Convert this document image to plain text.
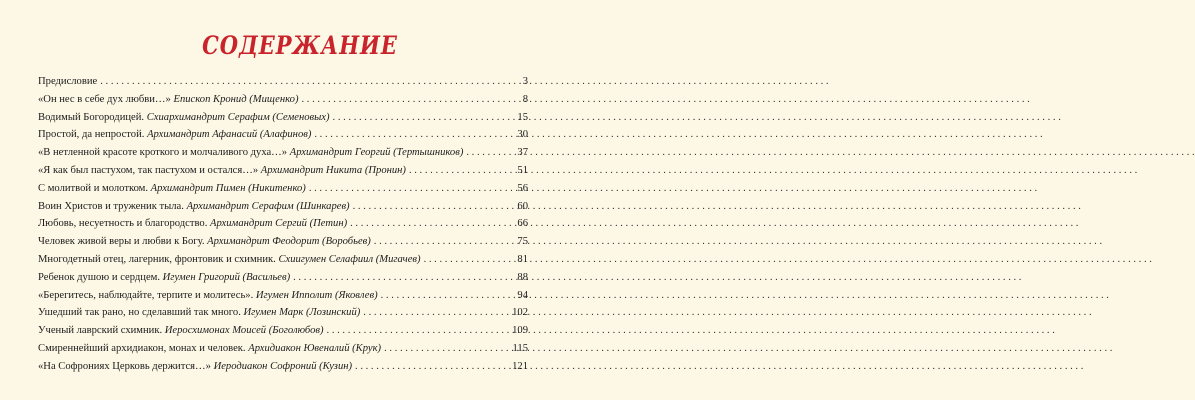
СОДЕРЖАНИЕ
Предисловие . . .	3
«Он нес в себе дух любви…» Епископ Кронид (Мищенко) . . .	8
Водимый Богородицей. Схиархимандрит Серафим (Семеновых) . . .	15
Простой, да непростой. Архимандрит Афанасий (Алафинов) . . .	30
«В нетленной красоте кроткого и молчаливого духа…» Архимандрит Георгий (Тертышников) . . .	37
«Я как был пастухом, так пастухом и остался…» Архимандрит Никита (Пронин) . . .	51
С молитвой и молотком. Архимандрит Пимен (Никитенко) . . .	56
Воин Христов и труженик тыла. Архимандрит Серафим (Шинкарев) . . .	60
Любовь, несуетность и благородство. Архимандрит Сергий (Петин) . . .	66
Человек живой веры и любви к Богу. Архимандрит Феодорит (Воробьев) . . .	75
Многодетный отец, лагерник, фронтовик и схимник. Схиигумен Селафиил (Мигачев) . . .	81
Ребенок душою и сердцем. Игумен Григорий (Васильев) . . .	88
«Берегитесь, наблюдайте, терпите и молитесь». Игумен Ипполит (Яковлев) . . .	94
Ушедший так рано, но сделавший так много. Игумен Марк (Лозинский) . . .	102
Ученый лаврский схимник. Иеросхимонах Моисей (Боголюбов) . . .	109
Смиреннейший архидиакон, монах и человек. Архидиакон Ювеналий (Крук) . . .	115
«На Софрониях Церковь держится…» Иеродиакон Софроний (Кузин) . . .	121
